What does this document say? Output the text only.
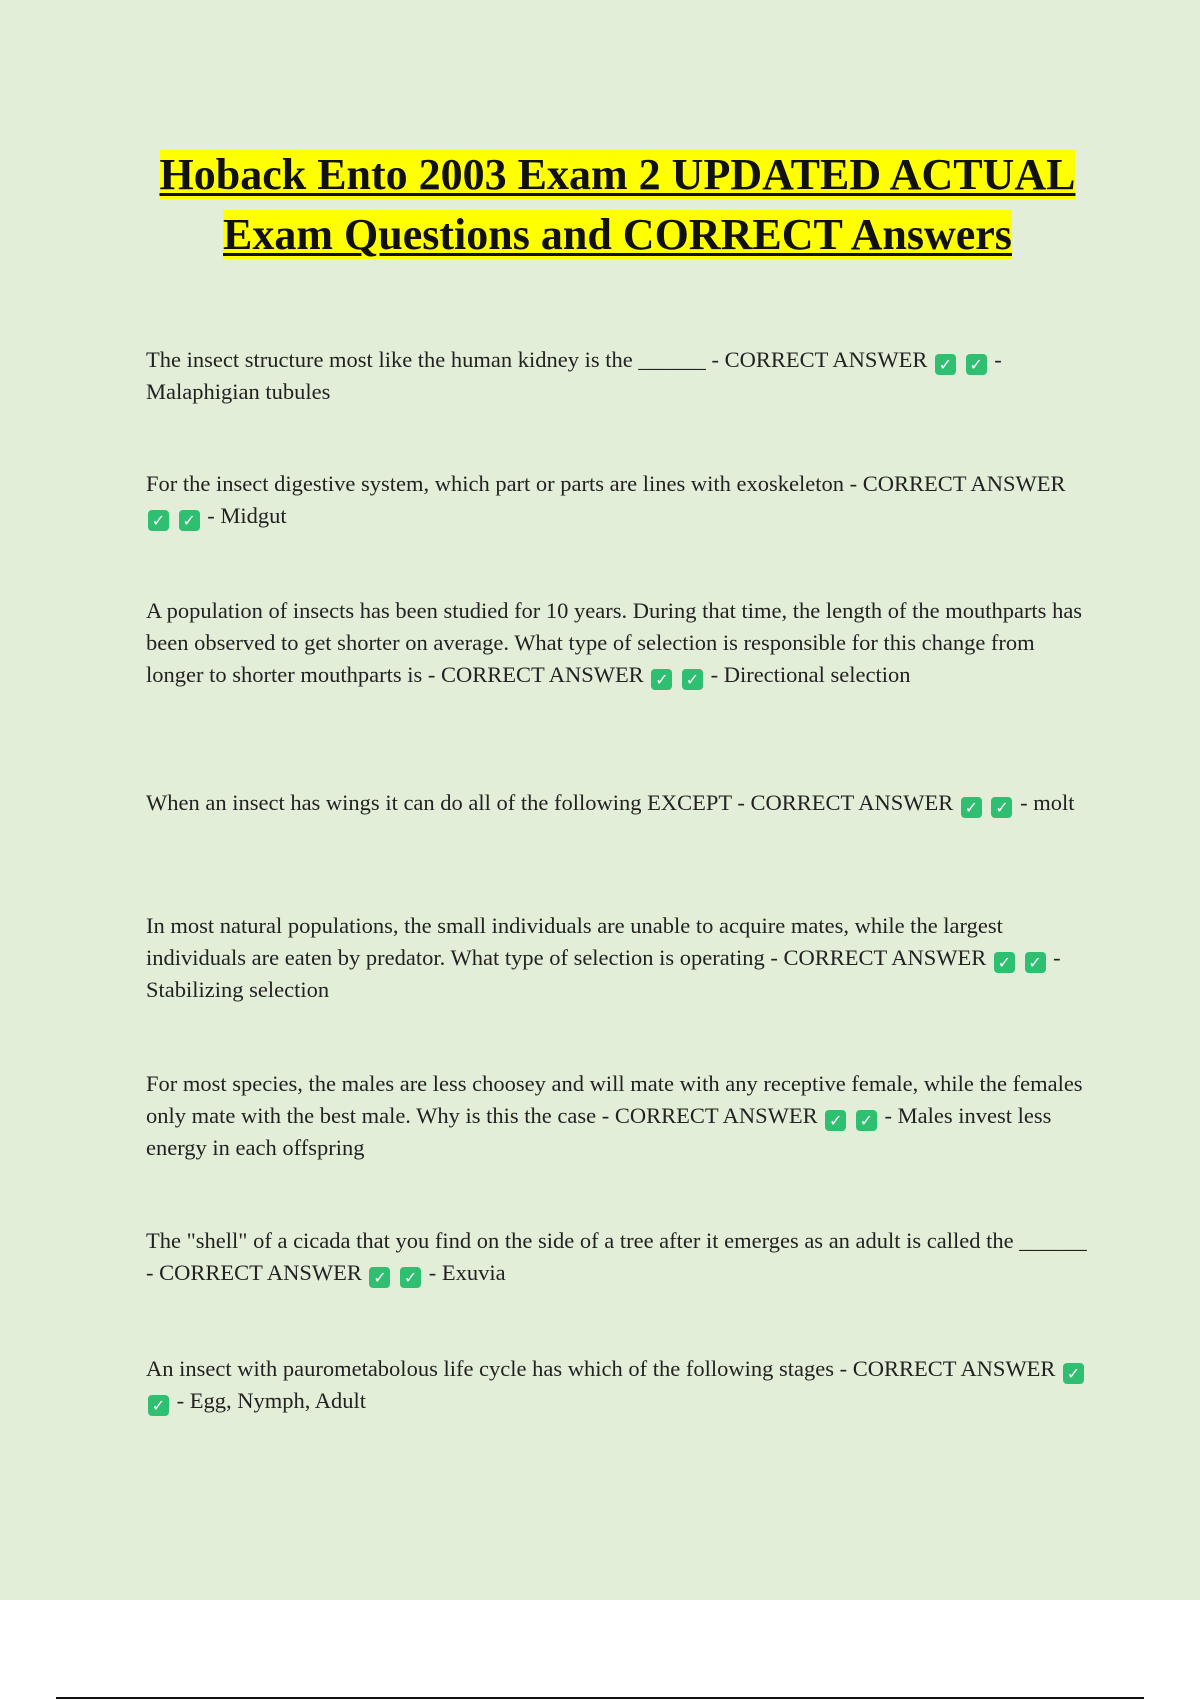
Hoback Ento 2003 Exam 2 UPDATED ACTUAL Exam Questions and CORRECT Answers

The insect structure most like the human kidney is the ______ - CORRECT ANSWER ✓ ✓ - Malaphigian tubules

For the insect digestive system, which part or parts are lines with exoskeleton - CORRECT ANSWER ✓ ✓ - Midgut

A population of insects has been studied for 10 years. During that time, the length of the mouthparts has been observed to get shorter on average. What type of selection is responsible for this change from longer to shorter mouthparts is - CORRECT ANSWER ✓ ✓ - Directional selection

When an insect has wings it can do all of the following EXCEPT - CORRECT ANSWER ✓ ✓ - molt

In most natural populations, the small individuals are unable to acquire mates, while the largest individuals are eaten by predator. What type of selection is operating - CORRECT ANSWER ✓ ✓ - Stabilizing selection

For most species, the males are less choosey and will mate with any receptive female, while the females only mate with the best male. Why is this the case - CORRECT ANSWER ✓ ✓ - Males invest less energy in each offspring

The "shell" of a cicada that you find on the side of a tree after it emerges as an adult is called the ______ - CORRECT ANSWER ✓ ✓ - Exuvia

An insect with paurometabolous life cycle has which of the following stages - CORRECT ANSWER ✓ ✓ - Egg, Nymph, Adult
